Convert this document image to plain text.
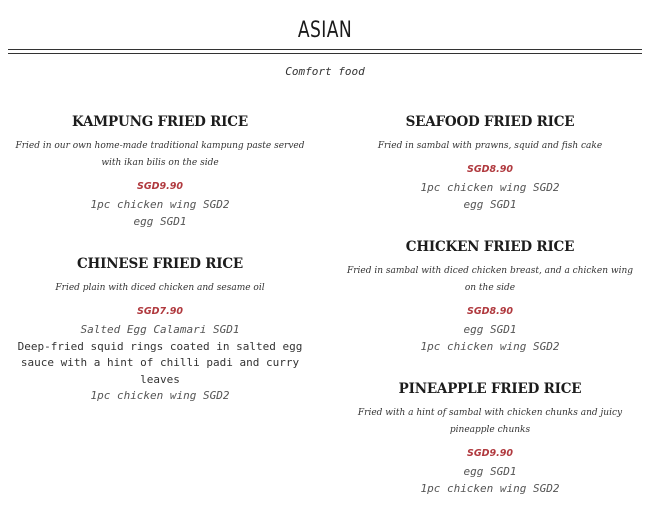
ASIAN
Comfort food
KAMPUNG FRIED RICE
Fried in our own home-made traditional kampung paste served with ikan bilis on the side
SGD9.90
1pc chicken wing SGD2
egg SGD1
CHINESE FRIED RICE
Fried plain with diced chicken and sesame oil
SGD7.90
Salted Egg Calamari SGD1
Deep-fried squid rings coated in salted egg sauce with a hint of chilli padi and curry leaves
1pc chicken wing SGD2
SEAFOOD FRIED RICE
Fried in sambal with prawns, squid and fish cake
SGD8.90
1pc chicken wing SGD2
egg SGD1
CHICKEN FRIED RICE
Fried in sambal with diced chicken breast, and a chicken wing on the side
SGD8.90
egg SGD1
1pc chicken wing SGD2
PINEAPPLE FRIED RICE
Fried with a hint of sambal with chicken chunks and juicy pineapple chunks
SGD9.90
egg SGD1
1pc chicken wing SGD2
